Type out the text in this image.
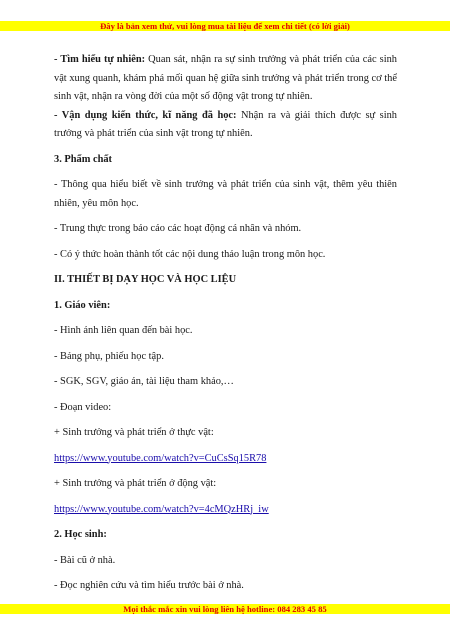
Đây là bản xem thử, vui lòng mua tài liệu để xem chi tiết (có lời giải)

- Tìm hiểu tự nhiên: Quan sát, nhận ra sự sinh trưởng và phát triển của các sinh vật xung quanh, khám phá mối quan hệ giữa sinh trưởng và phát triển trong cơ thể sinh vật, nhận ra vòng đời của một số động vật trong tự nhiên.

- Vận dụng kiến thức, kĩ năng đã học: Nhận ra và giải thích được sự sinh trưởng và phát triển của sinh vật trong tự nhiên.

3. Phẩm chất

- Thông qua hiểu biết về sinh trưởng và phát triển của sinh vật, thêm yêu thiên nhiên, yêu môn học.

- Trung thực trong báo cáo các hoạt động cá nhân và nhóm.

- Có ý thức hoàn thành tốt các nội dung thảo luận trong môn học.

II. THIẾT BỊ DẠY HỌC VÀ HỌC LIỆU

1. Giáo viên:

- Hình ảnh liên quan đến bài học.

- Bảng phụ, phiếu học tập.

- SGK, SGV, giáo án, tài liệu tham khảo,…

- Đoạn video:

+ Sinh trưởng và phát triển ở thực vật:

https://www.youtube.com/watch?v=CuCsSq15R78

+ Sinh trưởng và phát triển ở động vật:

https://www.youtube.com/watch?v=4cMQzHRj_iw

2. Học sinh:

- Bài cũ ở nhà.

- Đọc nghiên cứu và tìm hiểu trước bài ở nhà.

Mọi thắc mắc xin vui lòng liên hệ hotline: 084 283 45 85
